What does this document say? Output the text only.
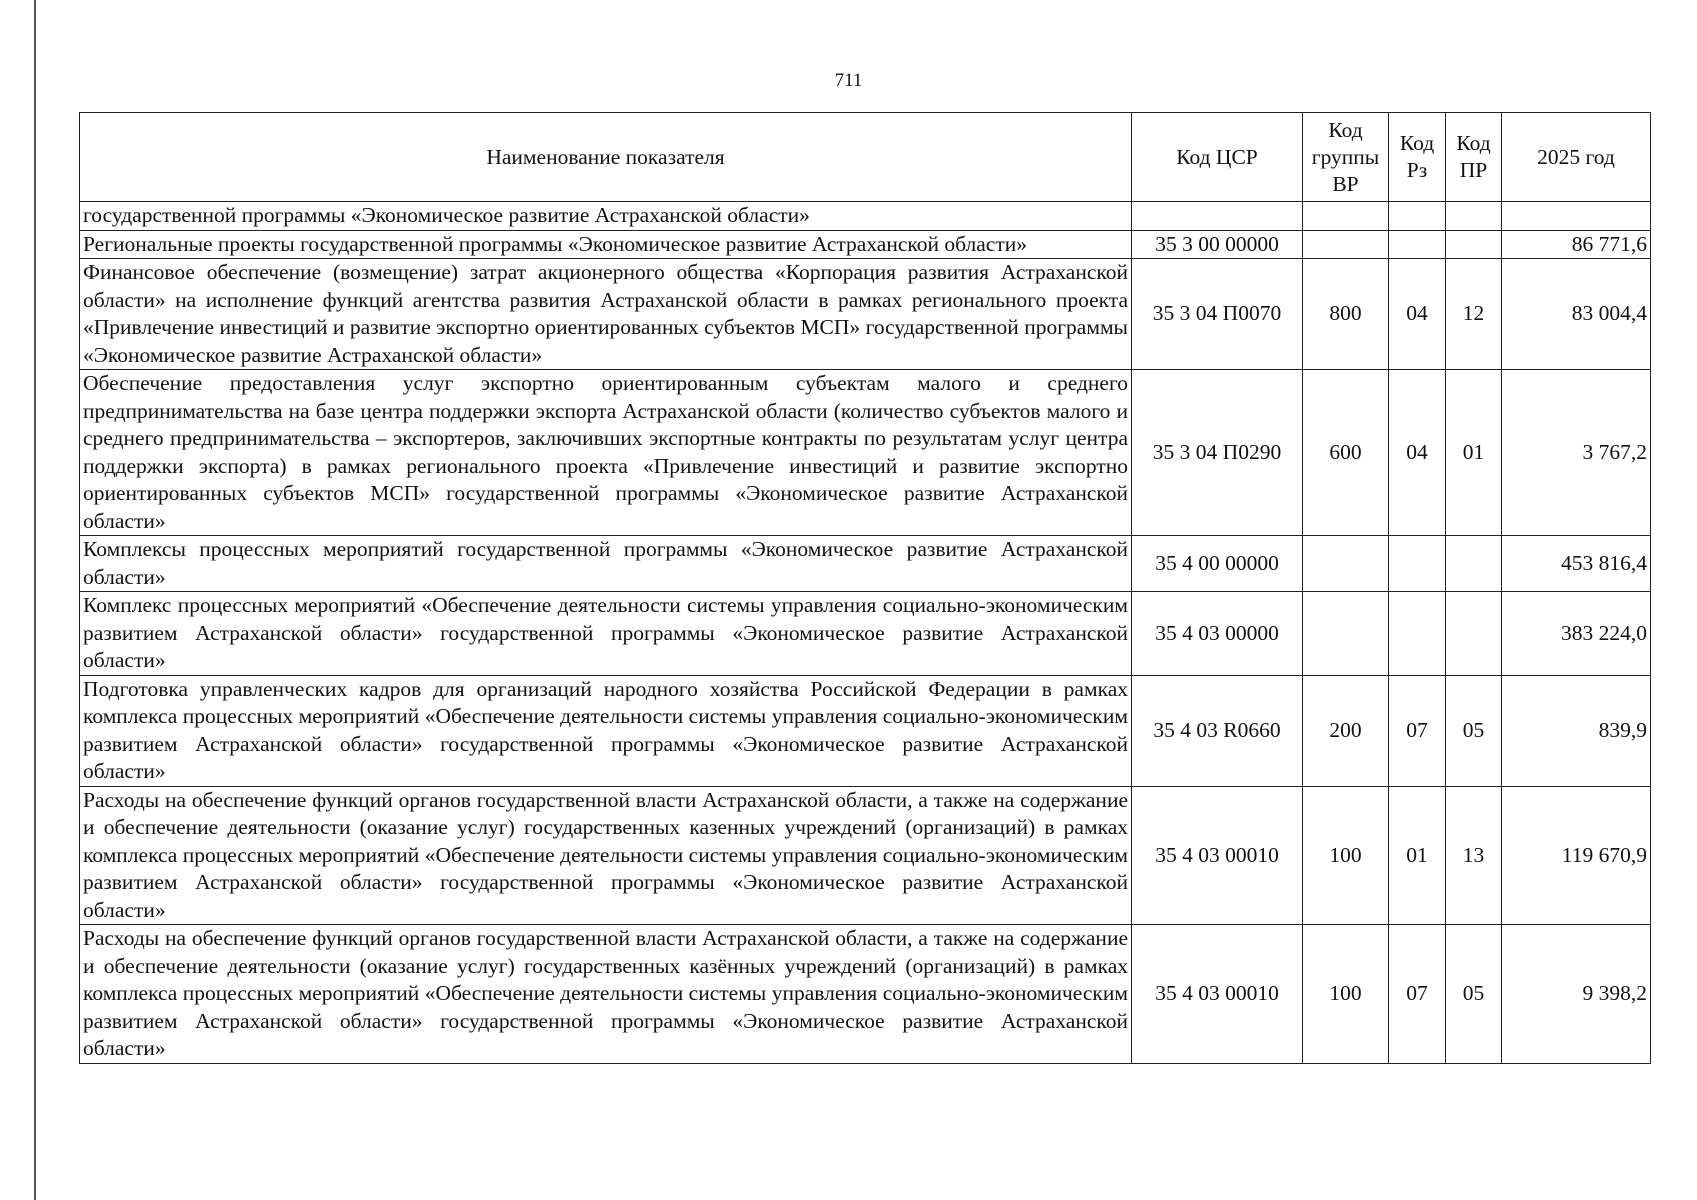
711
Наименование показателя	Код ЦСР	Код группы ВР	Код Рз	Код ПР	2025 год
государственной программы «Экономическое развитие Астраханской области»					
Региональные проекты государственной программы «Экономическое развитие Астраханской области»	35 3 00 00000				86 771,6
Финансовое обеспечение (возмещение) затрат акционерного общества «Корпорация развития Астраханской области» на исполнение функций агентства развития Астраханской области в рамках регионального проекта «Привлечение инвестиций и развитие экспортно ориентированных субъектов МСП» государственной программы «Экономическое развитие Астраханской области»	35 3 04 П0070	800	04	12	83 004,4
Обеспечение предоставления услуг экспортно ориентированным субъектам малого и среднего предпринимательства на базе центра поддержки экспорта Астраханской области (количество субъектов малого и среднего предпринимательства – экспортеров, заключивших экспортные контракты по результатам услуг центра поддержки экспорта) в рамках регионального проекта «Привлечение инвестиций и развитие экспортно ориентированных субъектов МСП» государственной программы «Экономическое развитие Астраханской области»	35 3 04 П0290	600	04	01	3 767,2
Комплексы процессных мероприятий государственной программы «Экономическое развитие Астраханской области»	35 4 00 00000				453 816,4
Комплекс процессных мероприятий «Обеспечение деятельности системы управления социально-экономическим развитием Астраханской области» государственной программы «Экономическое развитие Астраханской области»	35 4 03 00000				383 224,0
Подготовка управленческих кадров для организаций народного хозяйства Российской Федерации в рамках комплекса процессных мероприятий «Обеспечение деятельности системы управления социально-экономическим развитием Астраханской области» государственной программы «Экономическое развитие Астраханской области»	35 4 03 R0660	200	07	05	839,9
Расходы на обеспечение функций органов государственной власти Астраханской области, а также на содержание и обеспечение деятельности (оказание услуг) государственных казенных учреждений (организаций) в рамках комплекса процессных мероприятий «Обеспечение деятельности системы управления социально-экономическим развитием Астраханской области» государственной программы «Экономическое развитие Астраханской области»	35 4 03 00010	100	01	13	119 670,9
Расходы на обеспечение функций органов государственной власти Астраханской области, а также на содержание и обеспечение деятельности (оказание услуг) государственных казённых учреждений (организаций) в рамках комплекса процессных мероприятий «Обеспечение деятельности системы управления социально-экономическим развитием Астраханской области» государственной программы «Экономическое развитие Астраханской области»	35 4 03 00010	100	07	05	9 398,2
